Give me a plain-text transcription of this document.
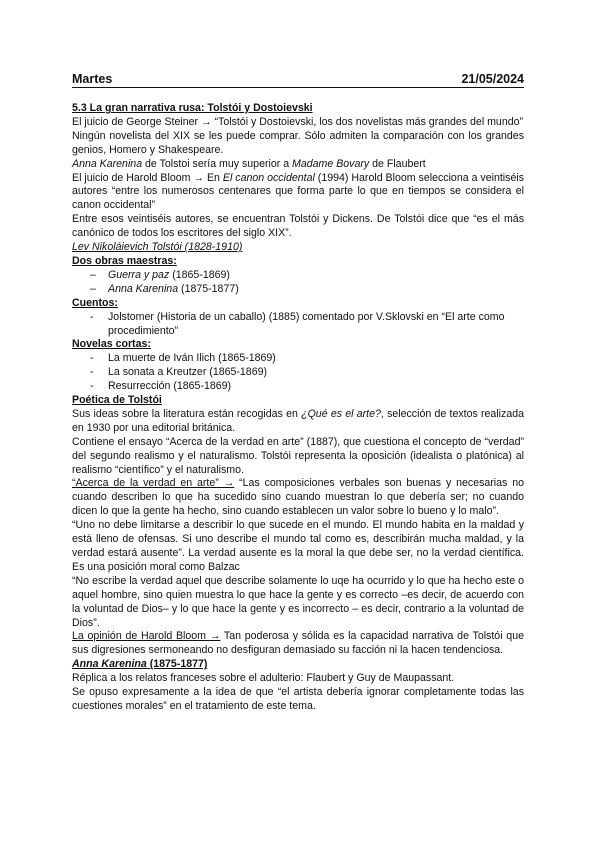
Martes	21/05/2024

5.3 La gran narrativa rusa: Tolstói y Dostoievski

El juicio de George Steiner → “Tolstói y Dostoievski, los dos novelistas más grandes del mundo”

Ningún novelista del XIX se les puede comprar. Sólo admiten la comparación con los grandes genios, Homero y Shakespeare.

Anna Karenina de Tolstoi sería muy superior a Madame Bovary de Flaubert

El juicio de Harold Bloom → En El canon occidental (1994) Harold Bloom selecciona a veintiséis autores “entre los numerosos centenares que forma parte lo que en tiempos se considera el canon occidental”

Entre esos veintiséis autores, se encuentran Tolstói y Dickens. De Tolstói dice que “es el más canónico de todos los escritores del siglo XIX”.

Lev Nikoláievich Tolstói (1828-1910)

Dos obras maestras:

– Guerra y paz (1865-1869)
– Anna Karenina (1875-1877)

Cuentos:

- Jolstomer (Historia de un caballo) (1885) comentado por V.Sklovski en “El arte como procedimiento”

Novelas cortas:

- La muerte de Iván Ilich (1865-1869)
- La sonata a Kreutzer (1865-1869)
- Resurrección (1865-1869)

Poética de Tolstói

Sus ideas sobre la literatura están recogidas en ¿Qué es el arte?, selección de textos realizada en 1930 por una editorial británica.

Contiene el ensayo “Acerca de la verdad en arte” (1887), que cuestiona el concepto de “verdad” del segundo realismo y el naturalismo. Tolstói representa la oposición (idealista o platónica) al realismo “científico” y el naturalismo.

“Acerca de la verdad en arte” → “Las composiciones verbales son buenas y necesarias no cuando describen lo que ha sucedido sino cuando muestran lo que debería ser; no cuando dicen lo que la gente ha hecho, sino cuando establecen un valor sobre lo bueno y lo malo”.

“Uno no debe limitarse a describir lo que sucede en el mundo. El mundo habita en la maldad y está lleno de ofensas. Si uno describe el mundo tal como es, describirán mucha maldad, y la verdad estará ausente”. La verdad ausente es la moral la que debe ser, no la verdad científica. Es una posición moral como Balzac

“No escribe la verdad aquel que describe solamente lo uqe ha ocurrido y lo que ha hecho este o aquel hombre, sino quien muestra lo que hace la gente y es correcto –es decir, de acuerdo con la voluntad de Dios– y lo que hace la gente y es incorrecto – es decir, contrario a la voluntad de Dios”.

La opinión de Harold Bloom → Tan poderosa y sólida es la capacidad narrativa de Tolstói que sus digresiones sermoneando no desfiguran demasiado su facción ni la hacen tendenciosa.

Anna Karenina (1875-1877)

Réplica a los relatos franceses sobre el adulterio: Flaubert y Guy de Maupassant.

Se opuso expresamente a la idea de que “el artista debería ignorar completamente todas las cuestiones morales” en el tratamiento de este tema.
